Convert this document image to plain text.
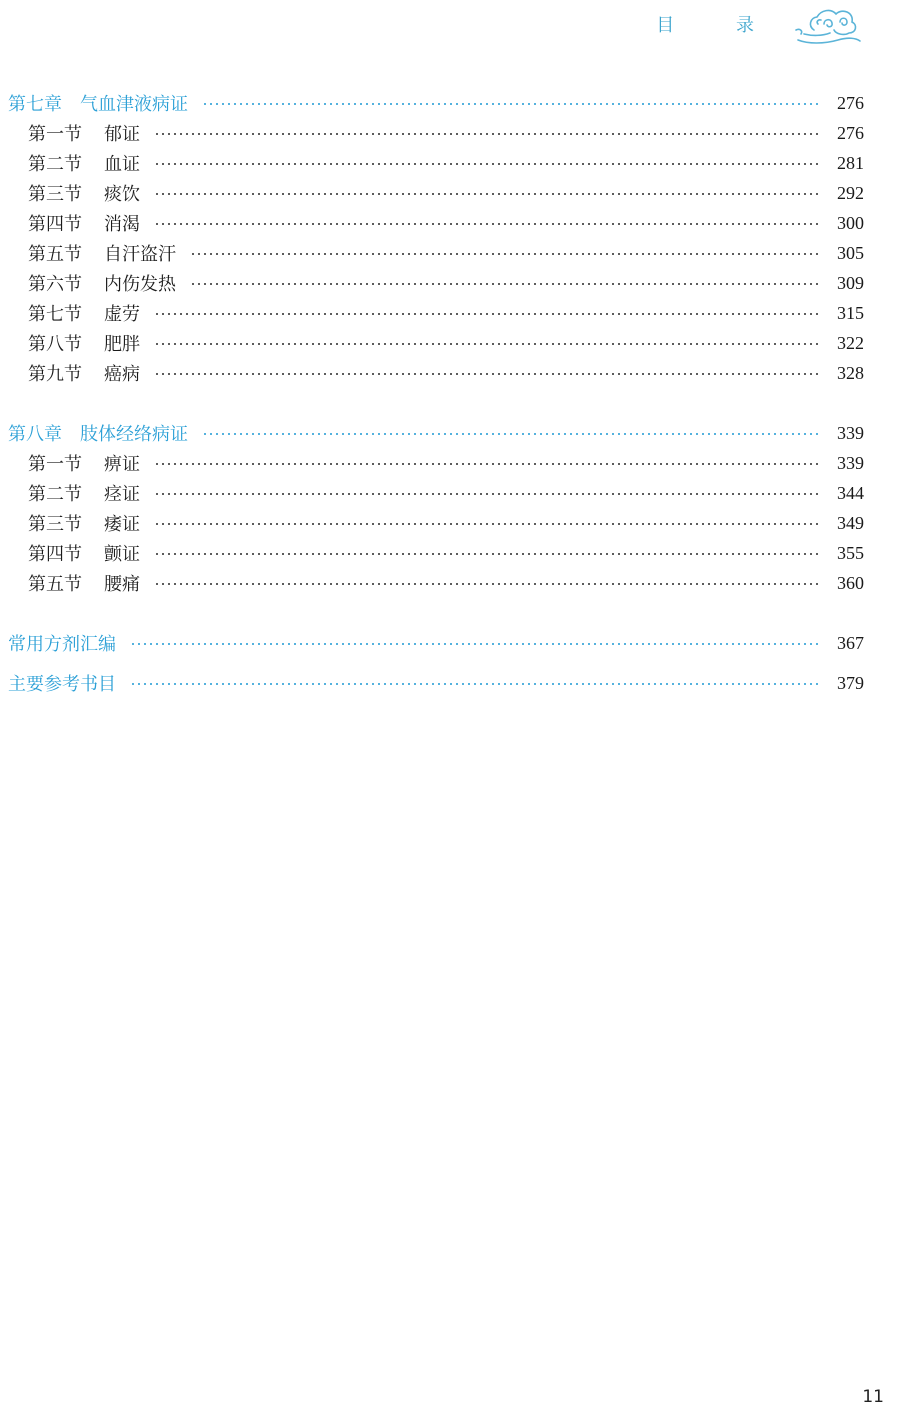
目 录
第七章 气血津液病证	276
第一节 郁证	276
第二节 血证	281
第三节 痰饮	292
第四节 消渴	300
第五节 自汗盗汗	305
第六节 内伤发热	309
第七节 虚劳	315
第八节 肥胖	322
第九节 癌病	328
第八章 肢体经络病证	339
第一节 痹证	339
第二节 痉证	344
第三节 痿证	349
第四节 颤证	355
第五节 腰痛	360
常用方剂汇编	367
主要参考书目	379
11
